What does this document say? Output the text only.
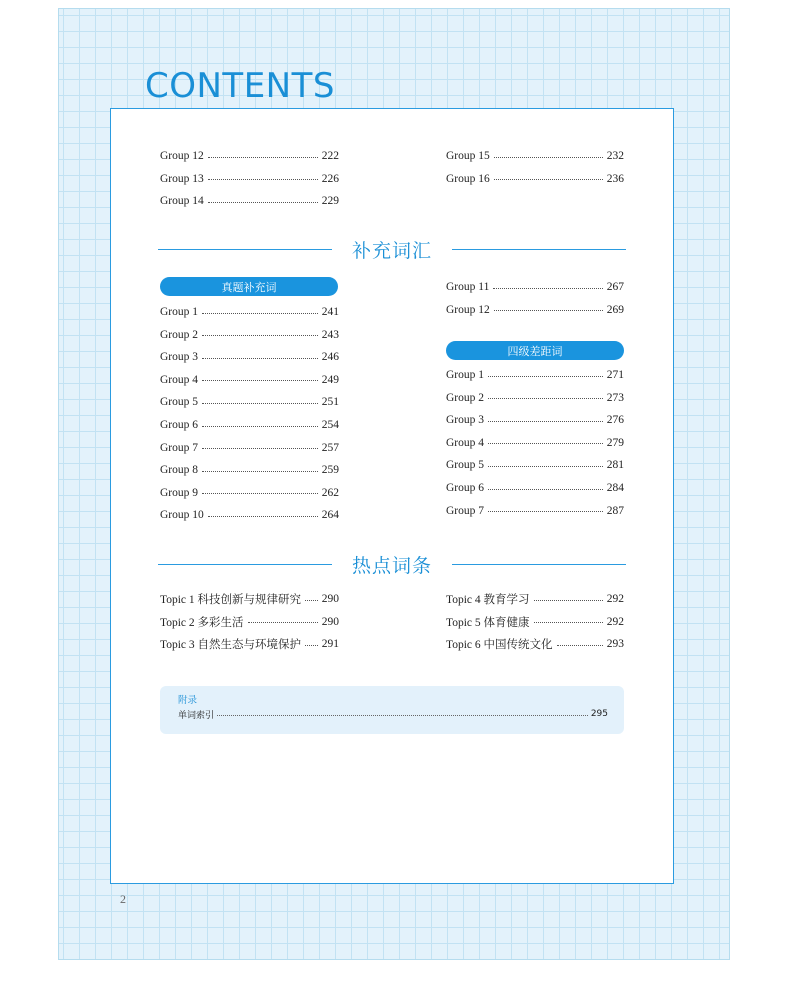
CONTENTS
Group 12	222
Group 13	226
Group 14	229
Group 15	232
Group 16	236
Group 1	241
Group 2	243
Group 3	246
Group 4	249
Group 5	251
Group 6	254
Group 7	257
Group 8	259
Group 9	262
Group 10	264
Group 11	267
Group 12	269
Group 1	271
Group 2	273
Group 3	276
Group 4	279
Group 5	281
Group 6	284
Group 7	287
Topic 1 科技创新与规律研究 290
Topic 2 多彩生活	290
Topic 3 自然生态与环境保护 291
Topic 4 教育学习	292
Topic 5 体育健康	292
Topic 6 中国传统文化	293
补充词汇
真题补充词
四级差距词
热点词条
附录
单词索引	295
2
